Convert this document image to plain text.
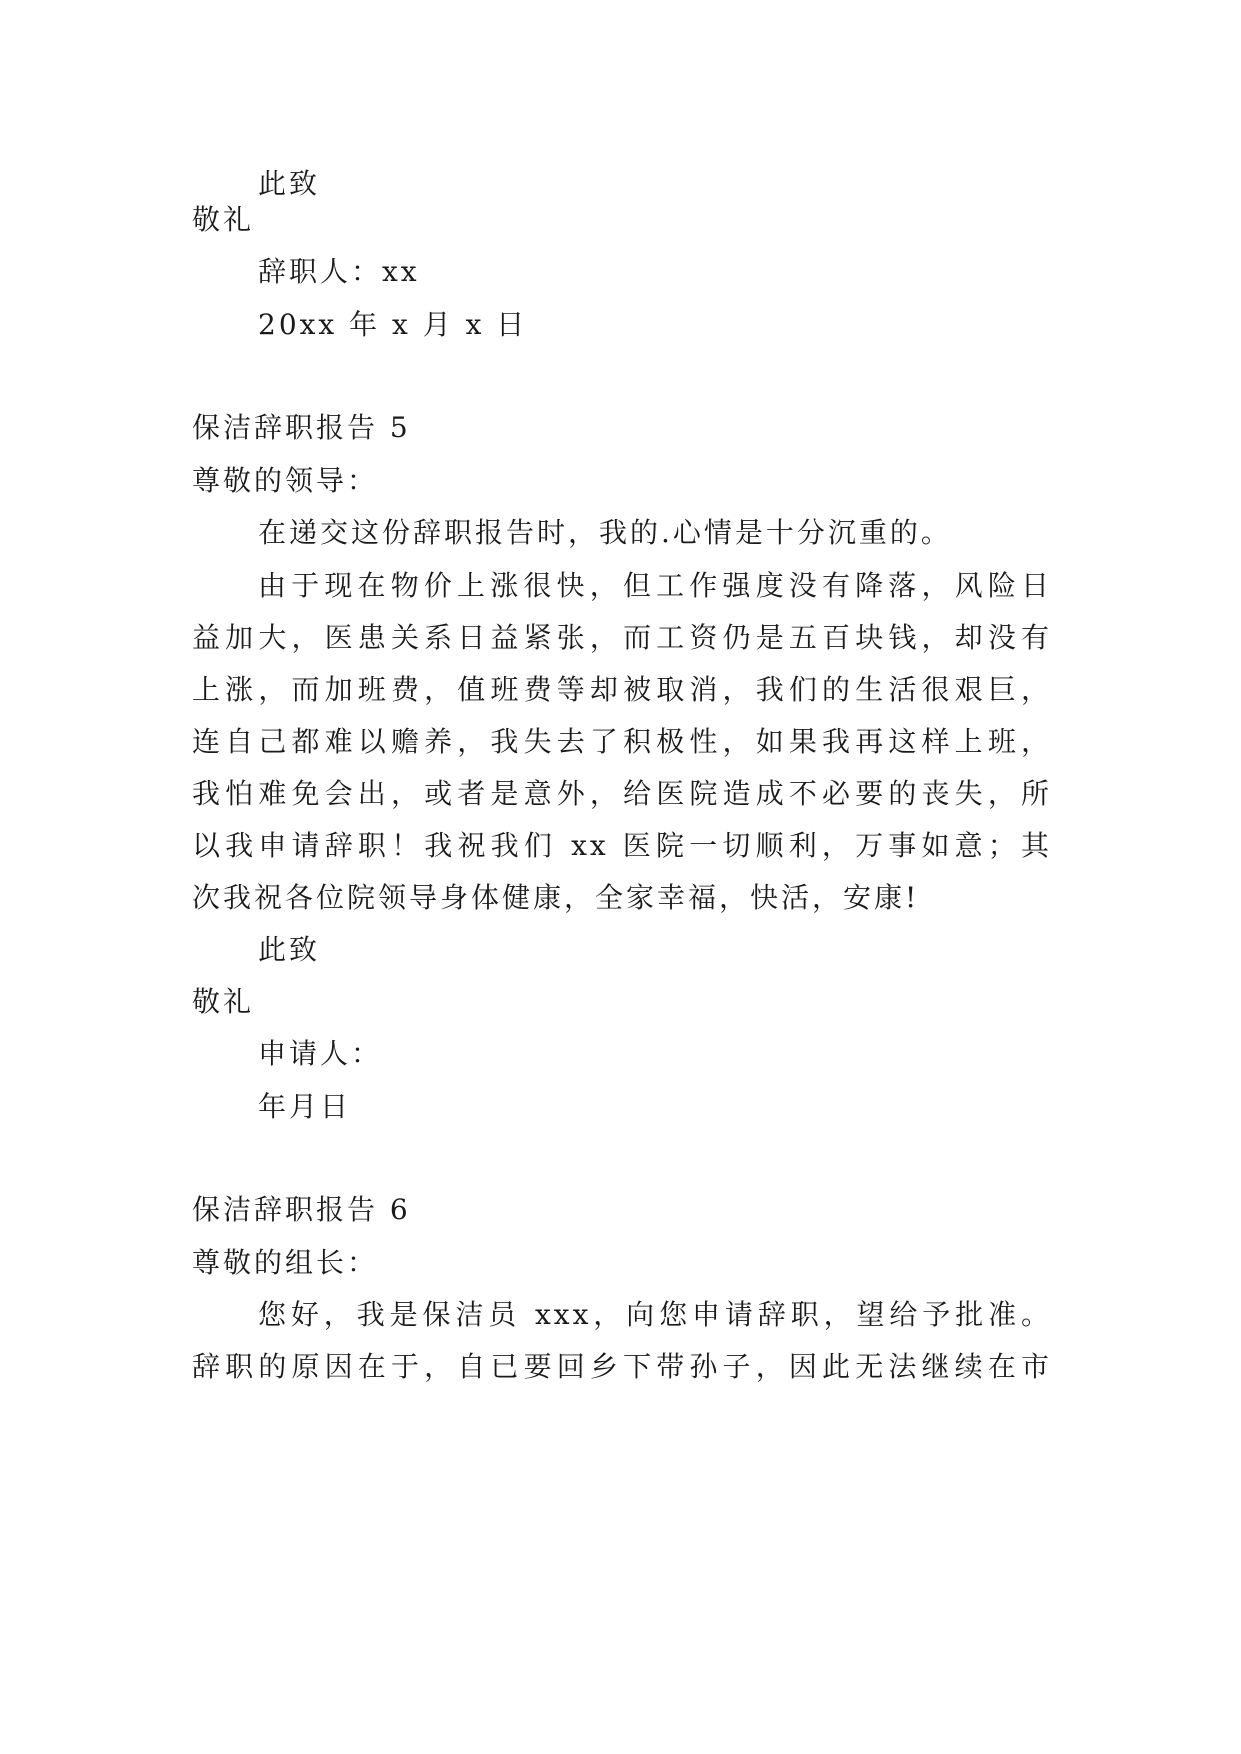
此致
敬礼
辞职人：xx
20xx 年 x 月 x 日
保洁辞职报告 5
尊敬的领导：
在递交这份辞职报告时，我的.心情是十分沉重的。
由于现在物价上涨很快，但工作强度没有降落，风险日
益加大，医患关系日益紧张，而工资仍是五百块钱，却没有
上涨，而加班费，值班费等却被取消，我们的生活很艰巨，
连自己都难以赡养，我失去了积极性，如果我再这样上班，
我怕难免会出，或者是意外，给医院造成不必要的丧失，所
以我申请辞职！我祝我们 xx 医院一切顺利，万事如意；其
次我祝各位院领导身体健康，全家幸福，快活，安康!
此致
敬礼
申请人：
年月日
保洁辞职报告 6
尊敬的组长：
您好，我是保洁员 xxx，向您申请辞职，望给予批准。
辞职的原因在于，自已要回乡下带孙子，因此无法继续在市
